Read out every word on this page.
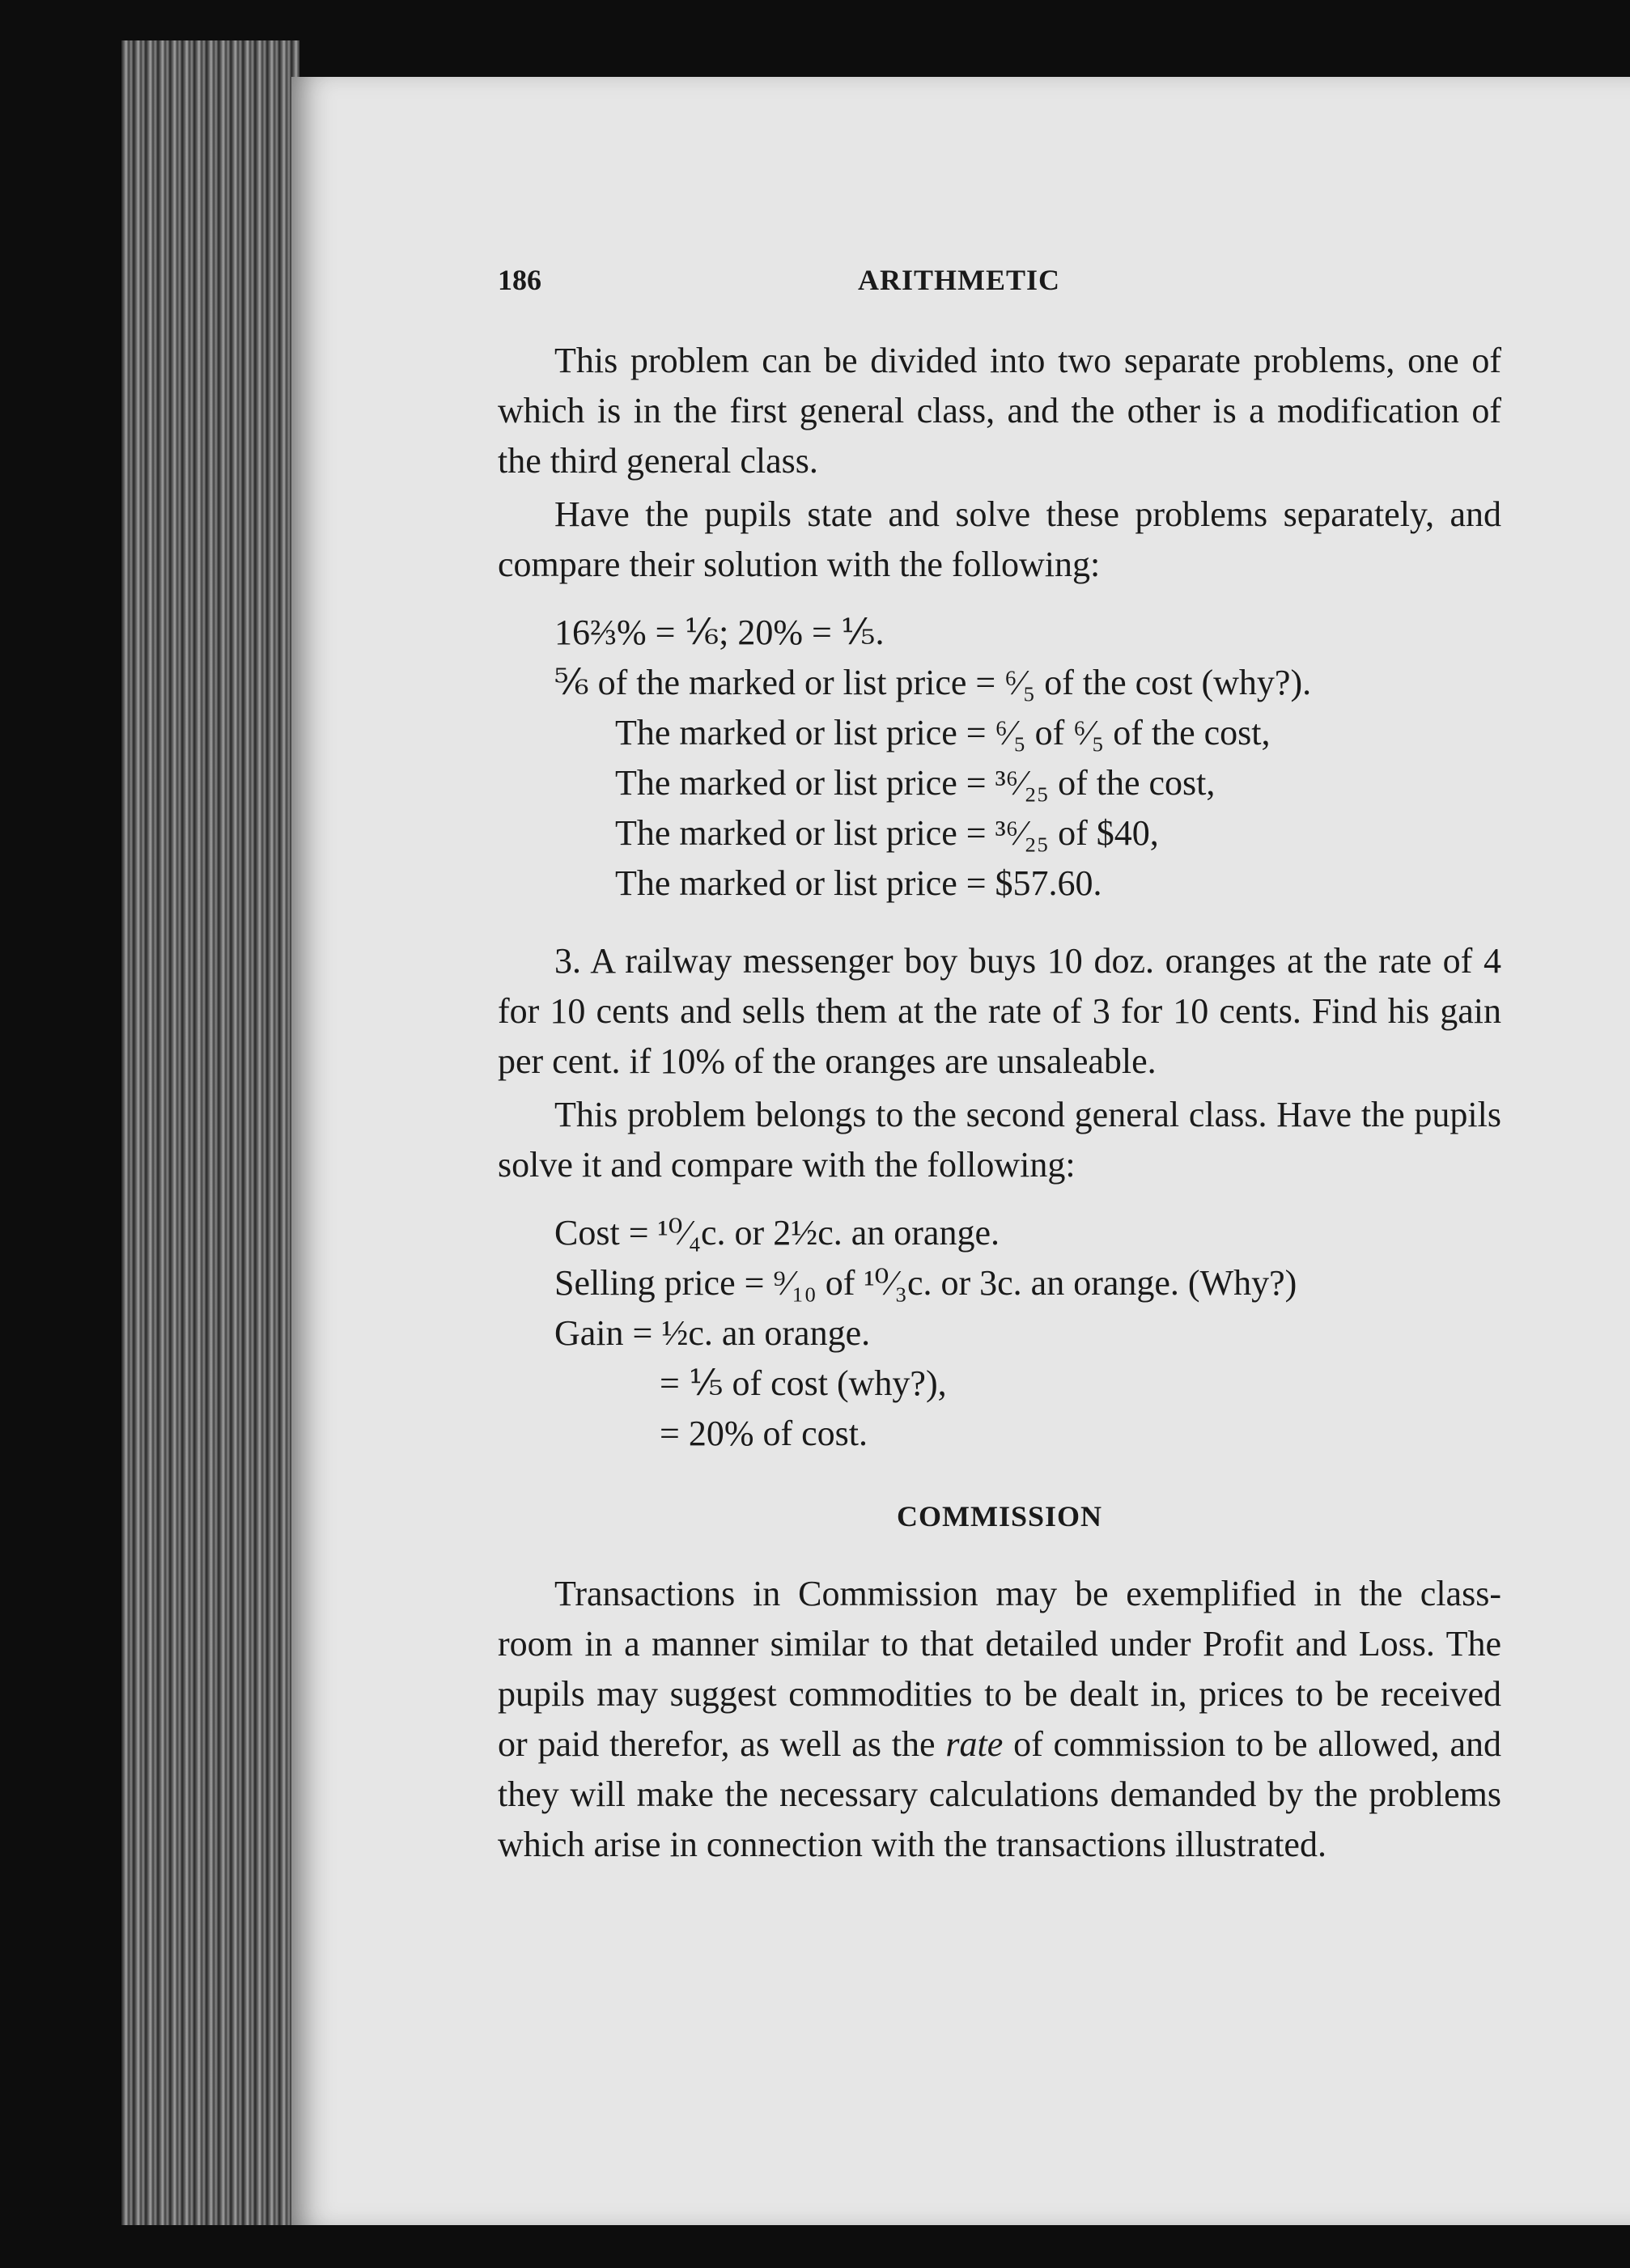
186	ARITHMETIC

This problem can be divided into two separate problems, one of which is in the first general class, and the other is a modification of the third general class.

Have the pupils state and solve these problems separately, and compare their solution with the following:

16⅔% = ⅙; 20% = ⅕.
⅚ of the marked or list price = ⁶⁄₅ of the cost (why?).
The marked or list price = ⁶⁄₅ of ⁶⁄₅ of the cost,
The marked or list price = ³⁶⁄₂₅ of the cost,
The marked or list price = ³⁶⁄₂₅ of $40,
The marked or list price = $57.60.

3. A railway messenger boy buys 10 doz. oranges at the rate of 4 for 10 cents and sells them at the rate of 3 for 10 cents. Find his gain per cent. if 10% of the oranges are unsaleable.

This problem belongs to the second general class. Have the pupils solve it and compare with the following:

Cost = ¹⁰⁄₄c. or 2½c. an orange.
Selling price = ⁹⁄₁₀ of ¹⁰⁄₃c. or 3c. an orange. (Why?)
Gain = ½c. an orange.
= ⅕ of cost (why?),
= 20% of cost.
COMMISSION

Transactions in Commission may be exemplified in the class-room in a manner similar to that detailed under Profit and Loss. The pupils may suggest commodities to be dealt in, prices to be received or paid therefor, as well as the rate of commission to be allowed, and they will make the necessary calculations demanded by the problems which arise in connection with the transactions illustrated.
